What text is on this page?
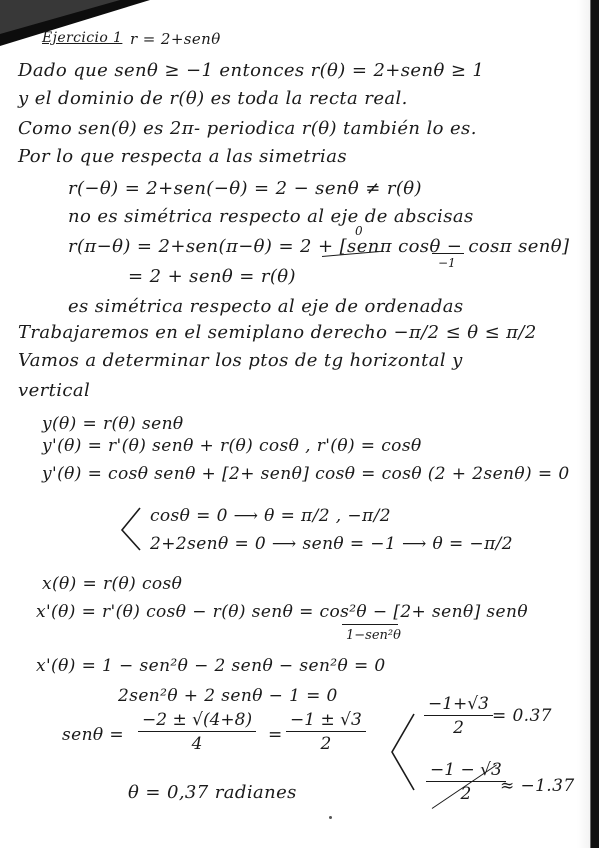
Ejercicio 1 r = 2+senθ
Dado que senθ ≥ −1 entonces r(θ) = 2+senθ ≥ 1
y el dominio de r(θ) es toda la recta real.
Como sen(θ) es 2π- periodica r(θ) también lo es.
Por lo que respecta a las simetrias
r(−θ) = 2+sen(−θ) = 2 − senθ ≠ r(θ)
no es simétrica respecto al eje de abscisas
r(π−θ) = 2+sen(π−θ) = 2 + [senπ cosθ − cosπ senθ]
0
−1
= 2 + senθ = r(θ)
es simétrica respecto al eje de ordenadas
Trabajaremos en el semiplano derecho −π/2 ≤ θ ≤ π/2
Vamos a determinar los ptos de tg horizontal y
vertical
y(θ) = r(θ) senθ
y'(θ) = r'(θ) senθ + r(θ) cosθ , r'(θ) = cosθ
y'(θ) = cosθ senθ + [2+ senθ] cosθ = cosθ (2 + 2senθ) = 0
cosθ = 0 ⟶ θ = π/2 , −π/2
2+2senθ = 0 ⟶ senθ = −1 ⟶ θ = −π/2
x(θ) = r(θ) cosθ
x'(θ) = r'(θ) cosθ − r(θ) senθ = cos²θ − [2+ senθ] senθ
1−sen²θ
x'(θ) = 1 − sen²θ − 2 senθ − sen²θ = 0
2sen²θ + 2 senθ − 1 = 0
$sen\theta = \frac{-2 \pm √(4+8)}{4} = \frac{-1 \pm √3}{2}$	$\frac{-1+√3}{2} = 0.37$
$\frac{-1 - √3}{2}$
≈ −1.37
θ = 0,37 radianes
